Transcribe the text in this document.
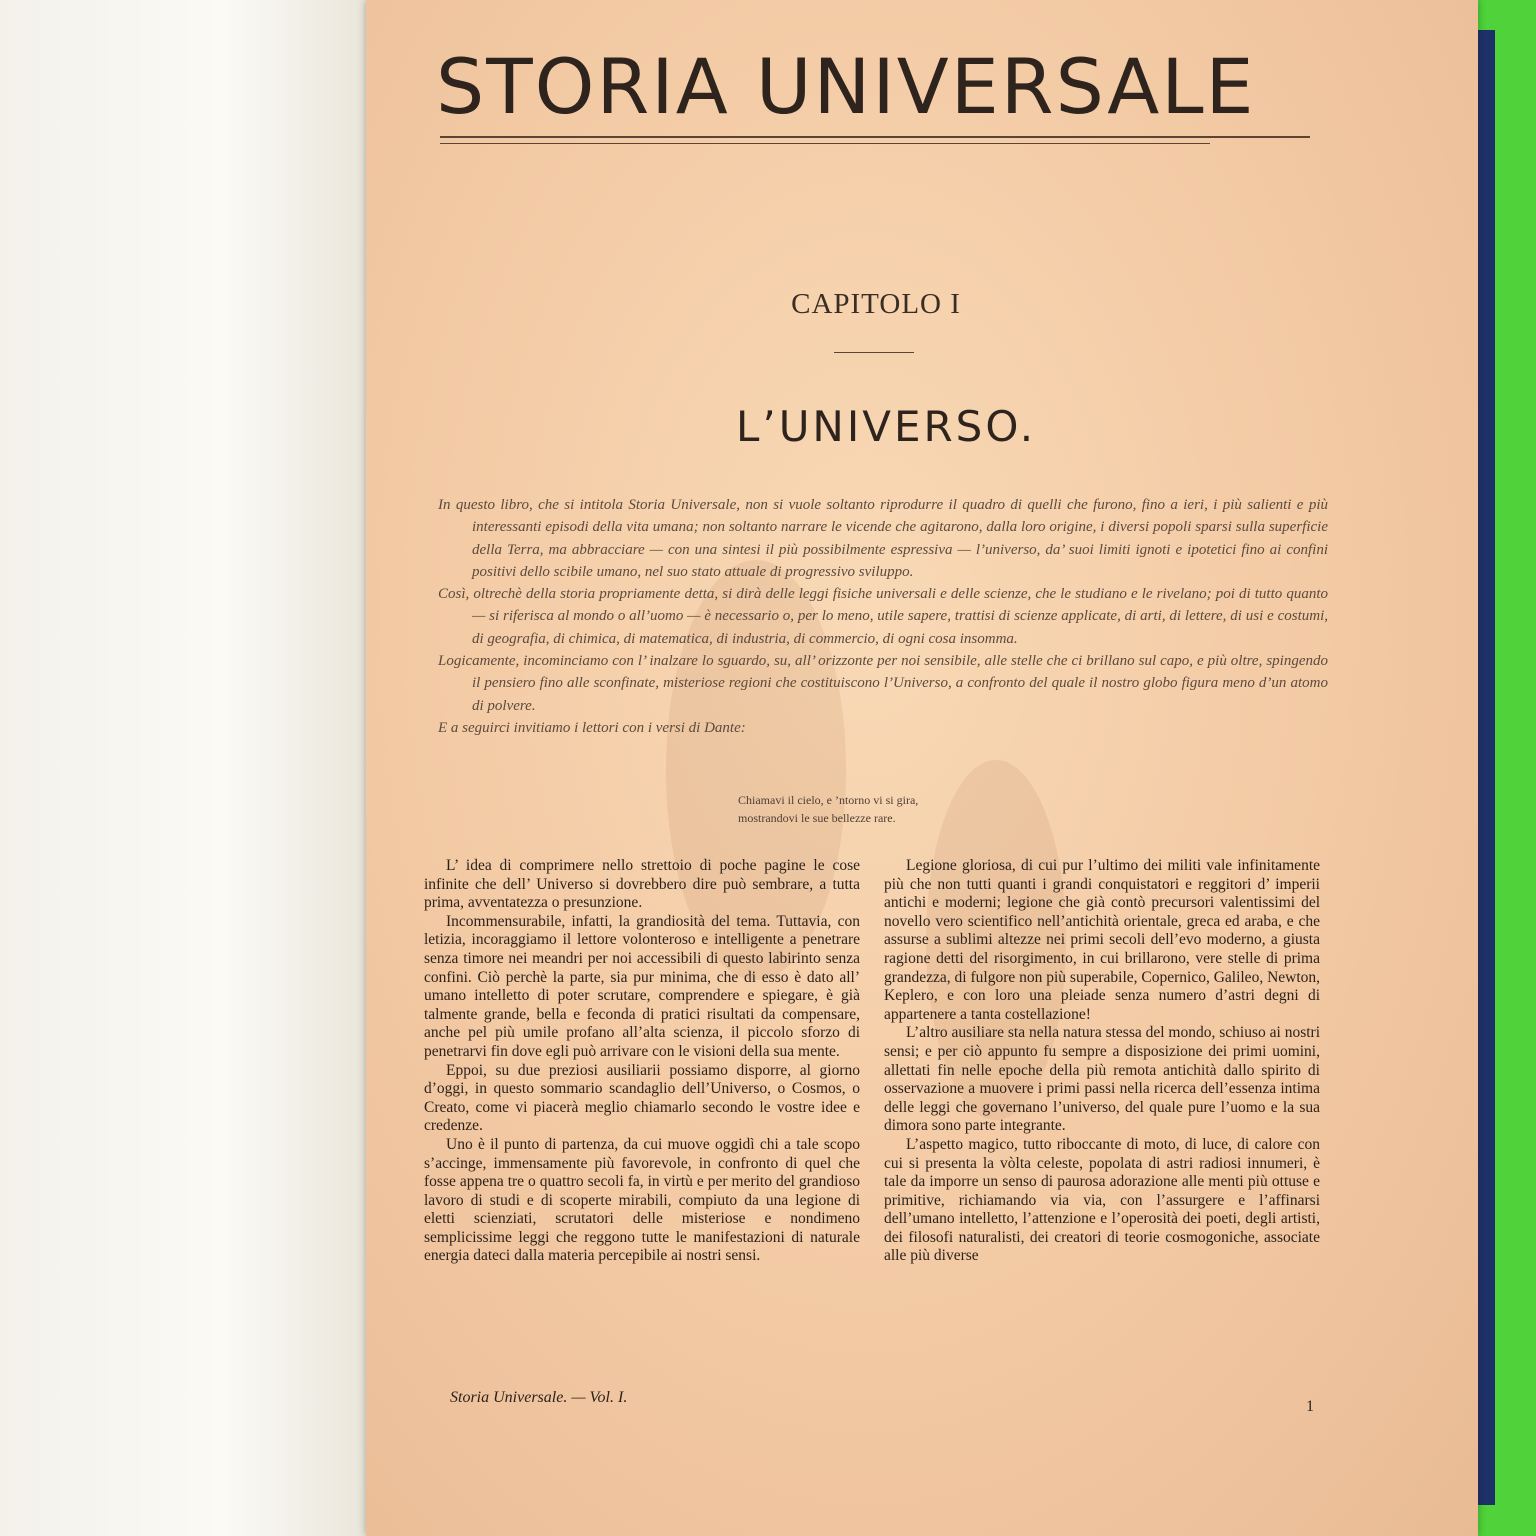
STORIA UNIVERSALE
CAPITOLO I
L’UNIVERSO.

In questo libro, che si intitola Storia Universale, non si vuole soltanto riprodurre il quadro di quelli che furono, fino a ieri, i più salienti e più interessanti episodi della vita umana; non soltanto narrare le vicende che agitarono, dalla loro origine, i diversi popoli sparsi sulla superficie della Terra, ma abbracciare — con una sintesi il più possibilmente espressiva — l’universo, da’ suoi limiti ignoti e ipotetici fino ai confini positivi dello scibile umano, nel suo stato attuale di progressivo sviluppo.

Così, oltrechè della storia propriamente detta, si dirà delle leggi fisiche universali e delle scienze, che le studiano e le rivelano; poi di tutto quanto — si riferisca al mondo o all’uomo — è necessario o, per lo meno, utile sapere, trattisi di scienze applicate, di arti, di lettere, di usi e costumi, di geografia, di chimica, di matematica, di industria, di commercio, di ogni cosa insomma.

Logicamente, incominciamo con l’ inalzare lo sguardo, su, all’ orizzonte per noi sensibile, alle stelle che ci brillano sul capo, e più oltre, spingendo il pensiero fino alle sconfinate, misteriose regioni che costituiscono l’Universo, a confronto del quale il nostro globo figura meno d’un atomo di polvere.

E a seguirci invitiamo i lettori con i versi di Dante:

Chiamavi il cielo, e ’ntorno vi si gira,
mostrandovi le sue bellezze rare.

L’ idea di comprimere nello strettoio di poche pagine le cose infinite che dell’ Universo si dovrebbero dire può sembrare, a tutta prima, avventatezza o presunzione.

Incommensurabile, infatti, la grandiosità del tema. Tuttavia, con letizia, incoraggiamo il lettore volonteroso e intelligente a penetrare senza timore nei meandri per noi accessibili di questo labirinto senza confini. Ciò perchè la parte, sia pur minima, che di esso è dato all’ umano intelletto di poter scrutare, comprendere e spiegare, è già talmente grande, bella e feconda di pratici risultati da compensare, anche pel più umile profano all’alta scienza, il piccolo sforzo di penetrarvi fin dove egli può arrivare con le visioni della sua mente.

Eppoi, su due preziosi ausiliarii possiamo disporre, al giorno d’oggi, in questo sommario scandaglio dell’Universo, o Cosmos, o Creato, come vi piacerà meglio chiamarlo secondo le vostre idee e credenze.

Uno è il punto di partenza, da cui muove oggidì chi a tale scopo s’accinge, immensamente più favorevole, in confronto di quel che fosse appena tre o quattro secoli fa, in virtù e per merito del grandioso lavoro di studi e di scoperte mirabili, compiuto da una legione di eletti scienziati, scrutatori delle misteriose e nondimeno semplicissime leggi che reggono tutte le manifestazioni di naturale energia dateci dalla materia percepibile ai nostri sensi.

Legione gloriosa, di cui pur l’ultimo dei militi vale infinitamente più che non tutti quanti i grandi conquistatori e reggitori d’ imperii antichi e moderni; legione che già contò precursori valentissimi del novello vero scientifico nell’antichità orientale, greca ed araba, e che assurse a sublimi altezze nei primi secoli dell’evo moderno, a giusta ragione detti del risorgimento, in cui brillarono, vere stelle di prima grandezza, di fulgore non più superabile, Copernico, Galileo, Newton, Keplero, e con loro una pleiade senza numero d’astri degni di appartenere a tanta costellazione!

L’altro ausiliare sta nella natura stessa del mondo, schiuso ai nostri sensi; e per ciò appunto fu sempre a disposizione dei primi uomini, allettati fin nelle epoche della più remota antichità dallo spirito di osservazione a muovere i primi passi nella ricerca dell’essenza intima delle leggi che governano l’universo, del quale pure l’uomo e la sua dimora sono parte integrante.

L’aspetto magico, tutto riboccante di moto, di luce, di calore con cui si presenta la vòlta celeste, popolata di astri radiosi innumeri, è tale da imporre un senso di paurosa adorazione alle menti più ottuse e primitive, richiamando via via, con l’assurgere e l’affinarsi dell’umano intelletto, l’attenzione e l’operosità dei poeti, degli artisti, dei filosofi naturalisti, dei creatori di teorie cosmogoniche, associate alle più diverse

Storia Universale. — Vol. I.
1
